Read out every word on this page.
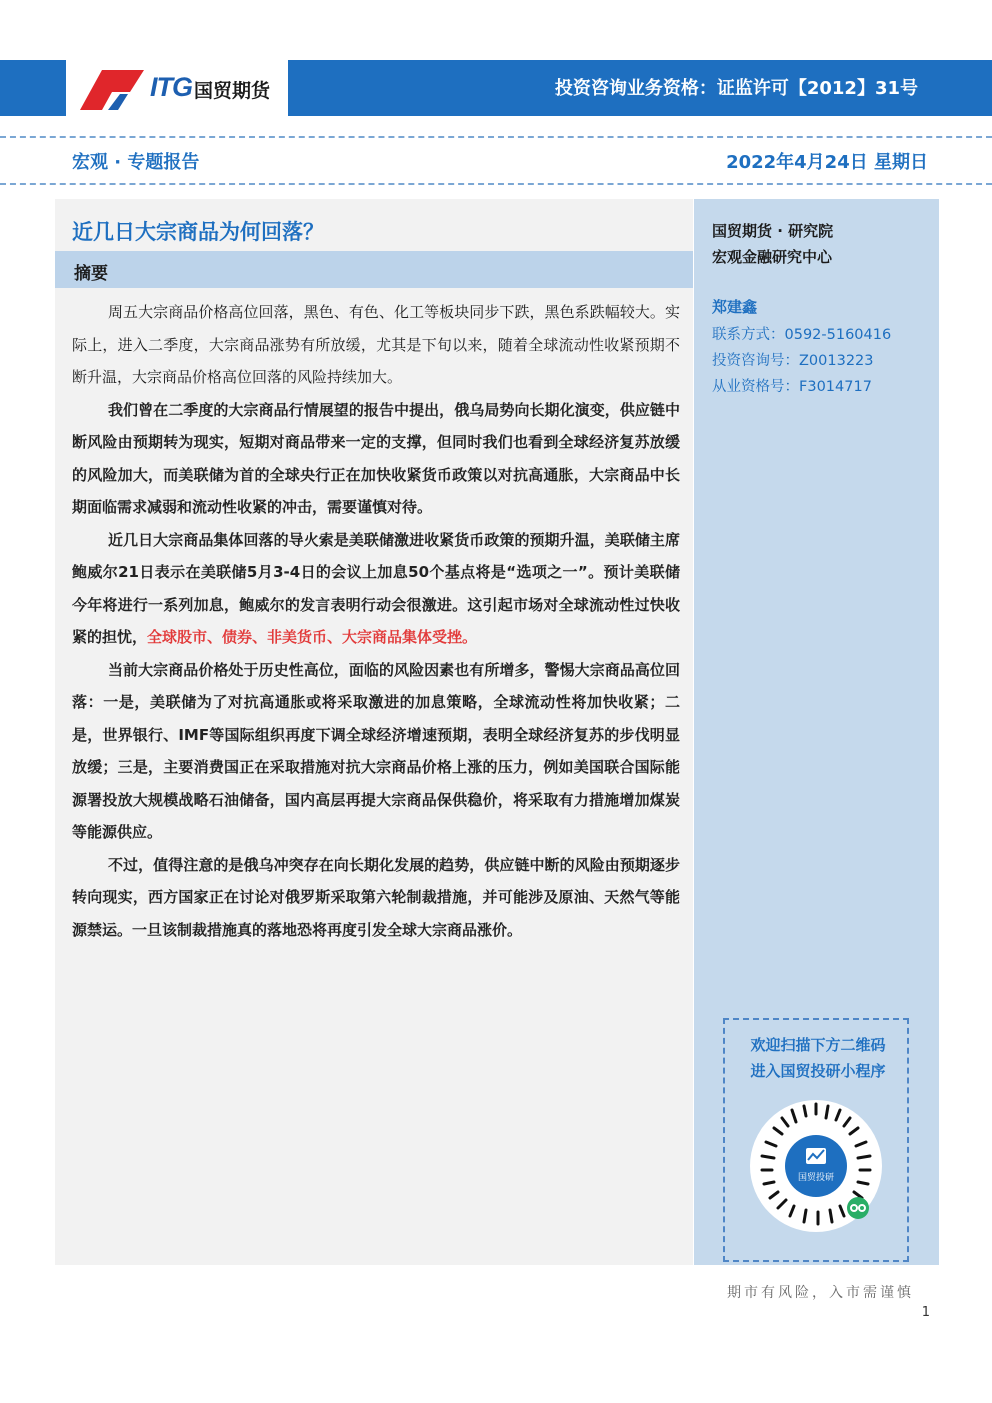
ITG 国贸期货	投资咨询业务资格：证监许可【2012】31号
宏观 · 专题报告	2022年4月24日 星期日
近几日大宗商品为何回落？
摘要

周五大宗商品价格高位回落，黑色、有色、化工等板块同步下跌，黑色系跌幅较大。实际上，进入二季度，大宗商品涨势有所放缓，尤其是下旬以来，随着全球流动性收紧预期不断升温，大宗商品价格高位回落的风险持续加大。

我们曾在二季度的大宗商品行情展望的报告中提出，俄乌局势向长期化演变，供应链中断风险由预期转为现实，短期对商品带来一定的支撑，但同时我们也看到全球经济复苏放缓的风险加大，而美联储为首的全球央行正在加快收紧货币政策以对抗高通胀，大宗商品中长期面临需求减弱和流动性收紧的冲击，需要谨慎对待。

近几日大宗商品集体回落的导火索是美联储激进收紧货币政策的预期升温，美联储主席鲍威尔21日表示在美联储5月3-4日的会议上加息50个基点将是“选项之一”。预计美联储今年将进行一系列加息，鲍威尔的发言表明行动会很激进。这引起市场对全球流动性过快收紧的担忧，全球股市、债券、非美货币、大宗商品集体受挫。

当前大宗商品价格处于历史性高位，面临的风险因素也有所增多，警惕大宗商品高位回落：一是，美联储为了对抗高通胀或将采取激进的加息策略，全球流动性将加快收紧；二是，世界银行、IMF等国际组织再度下调全球经济增速预期，表明全球经济复苏的步伐明显放缓；三是，主要消费国正在采取措施对抗大宗商品价格上涨的压力，例如美国联合国际能源署投放大规模战略石油储备，国内高层再提大宗商品保供稳价，将采取有力措施增加煤炭等能源供应。

不过，值得注意的是俄乌冲突存在向长期化发展的趋势，供应链中断的风险由预期逐步转向现实，西方国家正在讨论对俄罗斯采取第六轮制裁措施，并可能涉及原油、天然气等能源禁运。一旦该制裁措施真的落地恐将再度引发全球大宗商品涨价。

国贸期货 · 研究院
宏观金融研究中心
郑建鑫
联系方式：0592-5160416
投资咨询号：Z0013223
从业资格号：F3014717
欢迎扫描下方二维码
进入国贸投研小程序
国贸投研
期市有风险，入市需谨慎
1
